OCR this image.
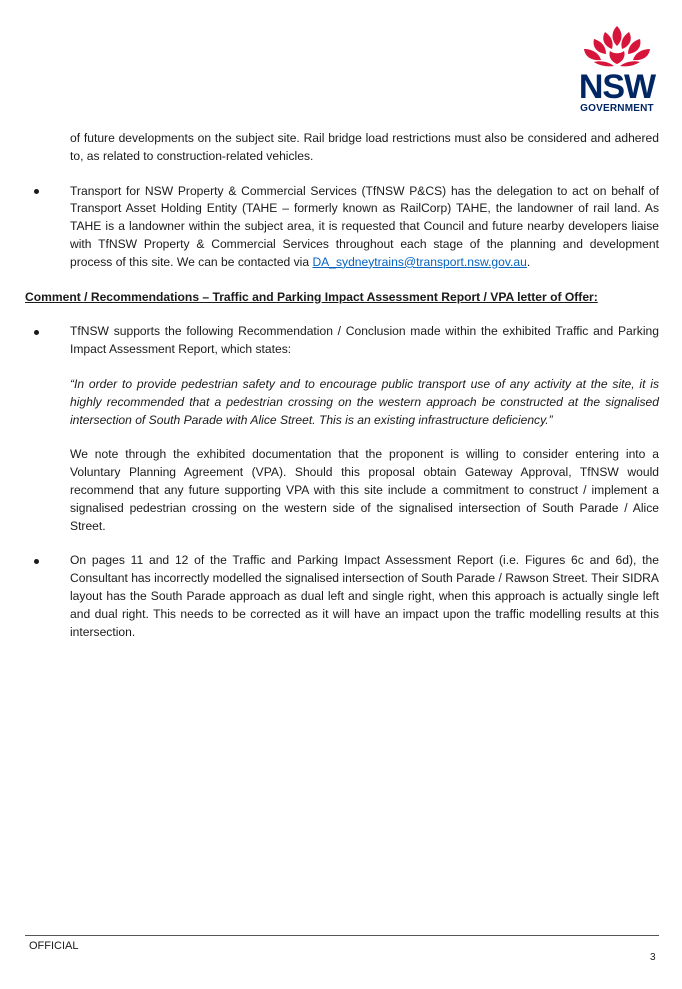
NSW
GOVERNMENT

of future developments on the subject site. Rail bridge load restrictions must also be considered and adhered to, as related to construction-related vehicles.

Transport for NSW Property & Commercial Services (TfNSW P&CS) has the delegation to act on behalf of Transport Asset Holding Entity (TAHE – formerly known as RailCorp) TAHE, the landowner of rail land. As TAHE is a landowner within the subject area, it is requested that Council and future nearby developers liaise with TfNSW Property & Commercial Services throughout each stage of the planning and development process of this site. We can be contacted via DA_sydneytrains@transport.nsw.gov.au.

Comment / Recommendations – Traffic and Parking Impact Assessment Report / VPA letter of Offer:

TfNSW supports the following Recommendation / Conclusion made within the exhibited Traffic and Parking Impact Assessment Report, which states:

“In order to provide pedestrian safety and to encourage public transport use of any activity at the site, it is highly recommended that a pedestrian crossing on the western approach be constructed at the signalised intersection of South Parade with Alice Street. This is an existing infrastructure deficiency.”

We note through the exhibited documentation that the proponent is willing to consider entering into a Voluntary Planning Agreement (VPA). Should this proposal obtain Gateway Approval, TfNSW would recommend that any future supporting VPA with this site include a commitment to construct / implement a signalised pedestrian crossing on the western side of the signalised intersection of South Parade / Alice Street.

On pages 11 and 12 of the Traffic and Parking Impact Assessment Report (i.e. Figures 6c and 6d), the Consultant has incorrectly modelled the signalised intersection of South Parade / Rawson Street. Their SIDRA layout has the South Parade approach as dual left and single right, when this approach is actually single left and dual right. This needs to be corrected as it will have an impact upon the traffic modelling results at this intersection.

OFFICIAL
3
